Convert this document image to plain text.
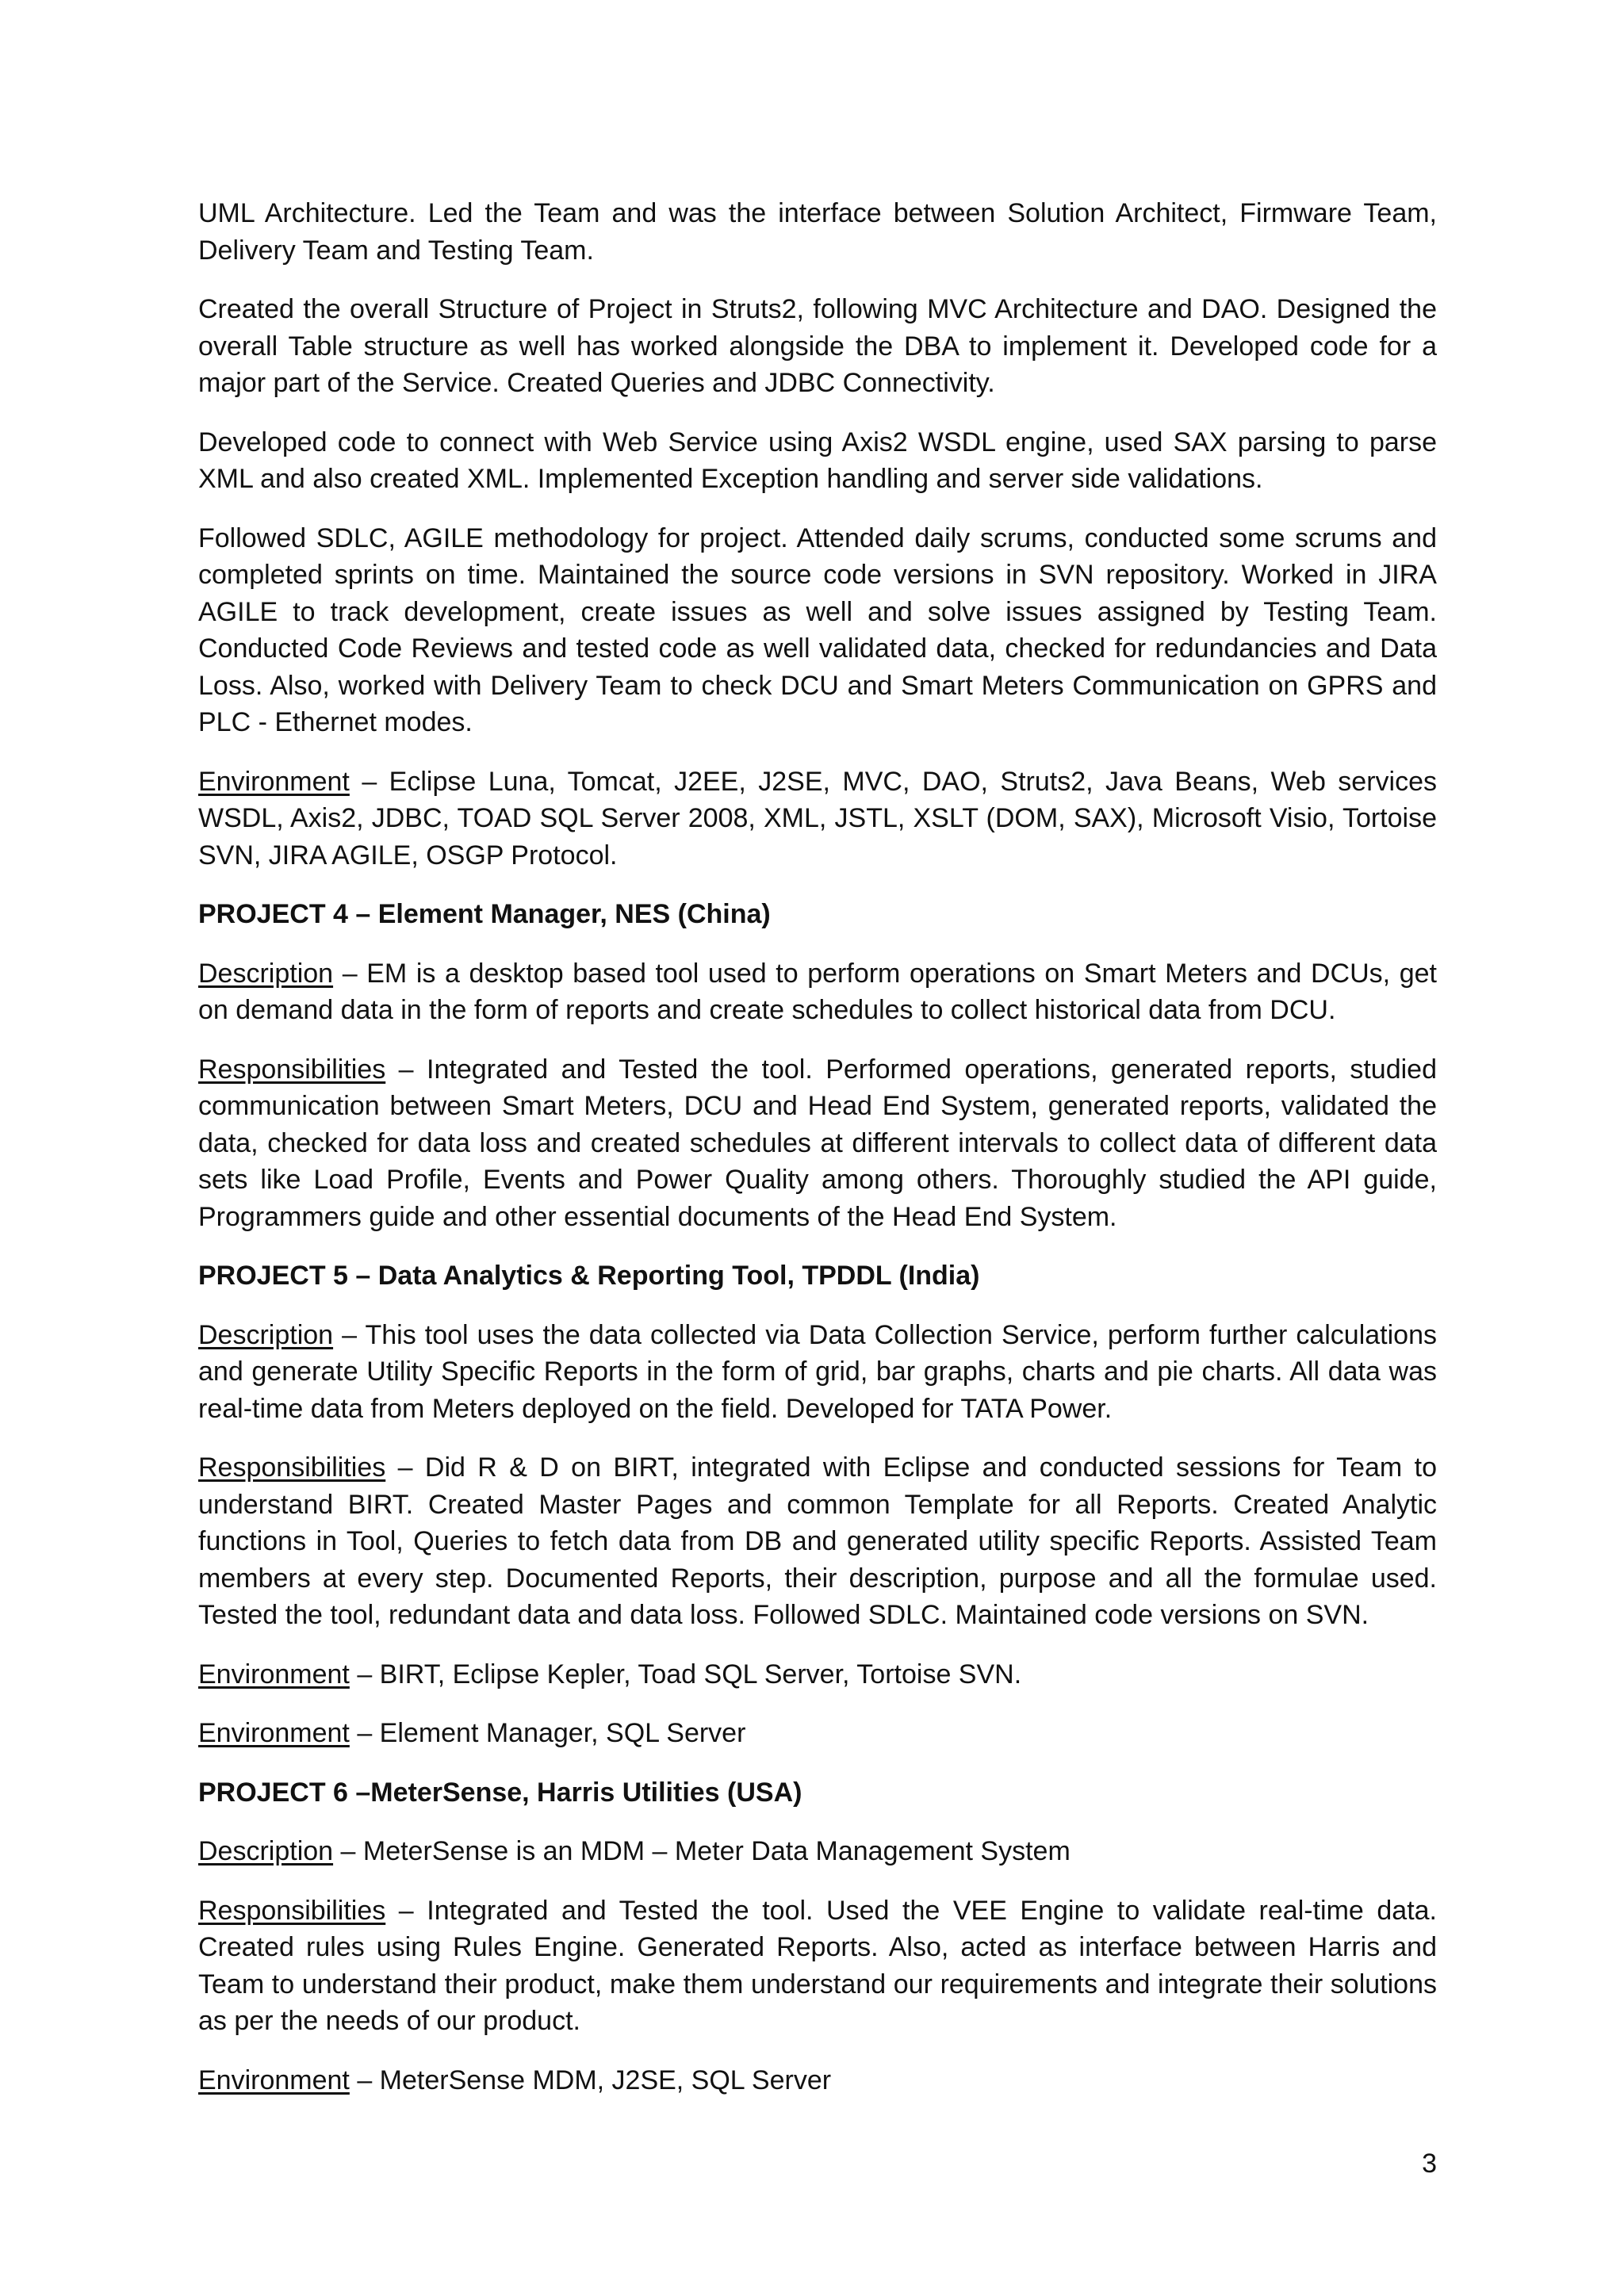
UML Architecture. Led the Team and was the interface between Solution Architect, Firmware Team, Delivery Team and Testing Team.

Created the overall Structure of Project in Struts2, following MVC Architecture and DAO. Designed the overall Table structure as well has worked alongside the DBA to implement it. Developed code for a major part of the Service. Created Queries and JDBC Connectivity.

Developed code to connect with Web Service using Axis2 WSDL engine, used SAX parsing to parse XML and also created XML. Implemented Exception handling and server side validations.

Followed SDLC, AGILE methodology for project. Attended daily scrums, conducted some scrums and completed sprints on time. Maintained the source code versions in SVN repository. Worked in JIRA AGILE to track development, create issues as well and solve issues assigned by Testing Team. Conducted Code Reviews and tested code as well validated data, checked for redundancies and Data Loss. Also, worked with Delivery Team to check DCU and Smart Meters Communication on GPRS and PLC - Ethernet modes.

Environment – Eclipse Luna, Tomcat, J2EE, J2SE, MVC, DAO, Struts2, Java Beans, Web services WSDL, Axis2, JDBC, TOAD SQL Server 2008, XML, JSTL, XSLT (DOM, SAX), Microsoft Visio, Tortoise SVN, JIRA AGILE, OSGP Protocol.

PROJECT 4 – Element Manager, NES (China)

Description – EM is a desktop based tool used to perform operations on Smart Meters and DCUs, get on demand data in the form of reports and create schedules to collect historical data from DCU.

Responsibilities – Integrated and Tested the tool. Performed operations, generated reports, studied communication between Smart Meters, DCU and Head End System, generated reports, validated the data, checked for data loss and created schedules at different intervals to collect data of different data sets like Load Profile, Events and Power Quality among others. Thoroughly studied the API guide, Programmers guide and other essential documents of the Head End System.

PROJECT 5 – Data Analytics & Reporting Tool, TPDDL (India)

Description – This tool uses the data collected via Data Collection Service, perform further calculations and generate Utility Specific Reports in the form of grid, bar graphs, charts and pie charts. All data was real-time data from Meters deployed on the field. Developed for TATA Power.

Responsibilities – Did R & D on BIRT, integrated with Eclipse and conducted sessions for Team to understand BIRT. Created Master Pages and common Template for all Reports. Created Analytic functions in Tool, Queries to fetch data from DB and generated utility specific Reports. Assisted Team members at every step. Documented Reports, their description, purpose and all the formulae used. Tested the tool, redundant data and data loss. Followed SDLC. Maintained code versions on SVN.

Environment – BIRT, Eclipse Kepler, Toad SQL Server, Tortoise SVN.

Environment – Element Manager, SQL Server

PROJECT 6 –MeterSense, Harris Utilities (USA)

Description – MeterSense is an MDM – Meter Data Management System

Responsibilities – Integrated and Tested the tool. Used the VEE Engine to validate real-time data. Created rules using Rules Engine. Generated Reports. Also, acted as interface between Harris and Team to understand their product, make them understand our requirements and integrate their solutions as per the needs of our product.

Environment – MeterSense MDM, J2SE, SQL Server

3
